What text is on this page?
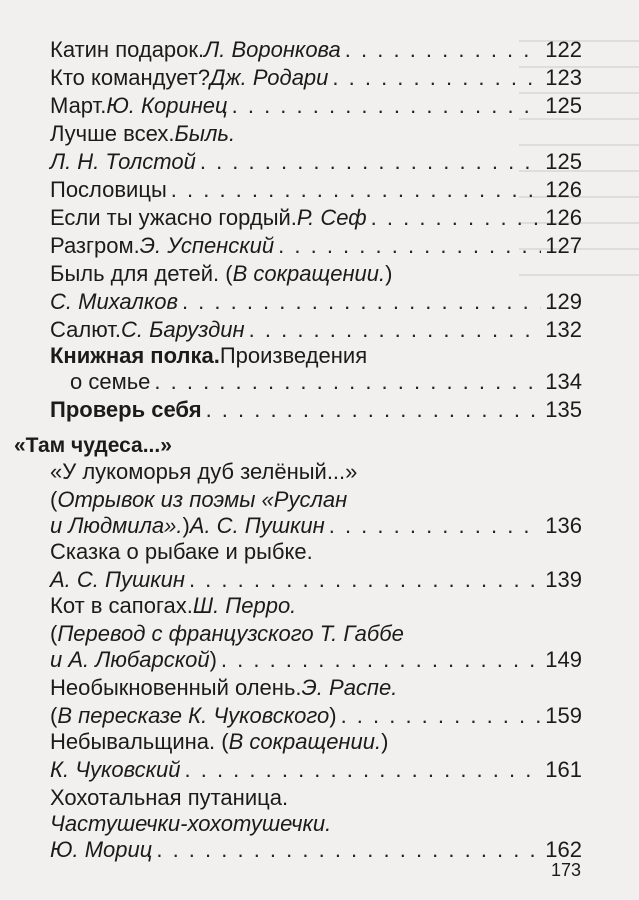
Катин подарок. Л. Воронкова . . .	122
Кто командует? Дж. Родари . . .	123
Март. Ю. Коринец . . .	125
Лучше всех. Быль.
Л. Н. Толстой . . .	125
Пословицы . . .	126
Если ты ужасно гордый. Р. Сеф . . .	126
Разгром. Э. Успенский . . .	127
Быль для детей. ( В сокращении. )
С. Михалков . . .	129
Салют. С. Баруздин . . .	132
Книжная полка. Произведения
о семье . . .	134
Проверь себя . . .	135
«Там чудеса...»
«У лукоморья дуб зелёный...»
( Отрывок из поэмы «Руслан
и Людмила». ) А. С. Пушкин . . .	136
Сказка о рыбаке и рыбке.
А. С. Пушкин . . .	139
Кот в сапогах. Ш. Перро.
( Перевод с французского Т. Габбе
и А. Любарской ) . . .	149
Необыкновенный олень. Э. Распе.
( В пересказе К. Чуковского ) . . .	159
Небывальщина. ( В сокращении. )
К. Чуковский . . .	161
Хохотальная путаница.
Частушечки-хохотушечки.
Ю. Мориц . . .	162
173
